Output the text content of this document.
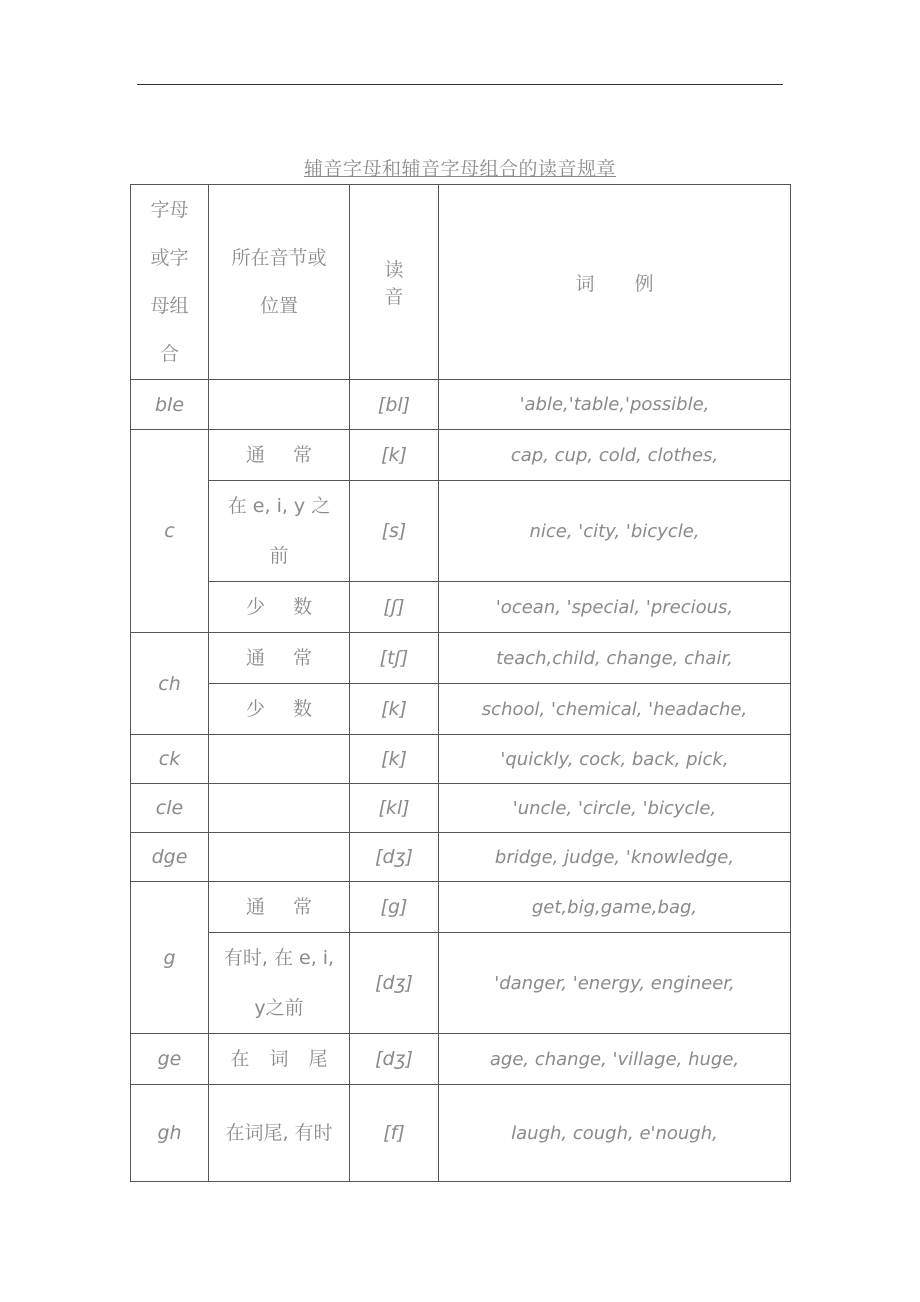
辅音字母和辅音字母组合的读音规章
字母或字母组合	所在音节或位置	读音	词例
ble		[bl]	'able,'table,'possible,
c	通常	[k]	cap, cup, cold, clothes,
	在 e, i, y 之前	[s]	nice, 'city, 'bicycle,
	少数	[ʃ]	'ocean, 'special, 'precious,
ch	通常	[tʃ]	teach,child, change, chair,
	少数	[k]	school, 'chemical, 'headache,
ck		[k]	'quickly, cock, back, pick,
cle		[kl]	'uncle, 'circle, 'bicycle,
dge		[dʒ]	bridge, judge, 'knowledge,
g	通常	[g]	get,big,game,bag,
	有时, 在 e, i, y之前	[dʒ]	'danger, 'energy, engineer,
ge	在词尾	[dʒ]	age, change, 'village, huge,
gh	在词尾, 有时	[f]	laugh, cough, e'nough,
